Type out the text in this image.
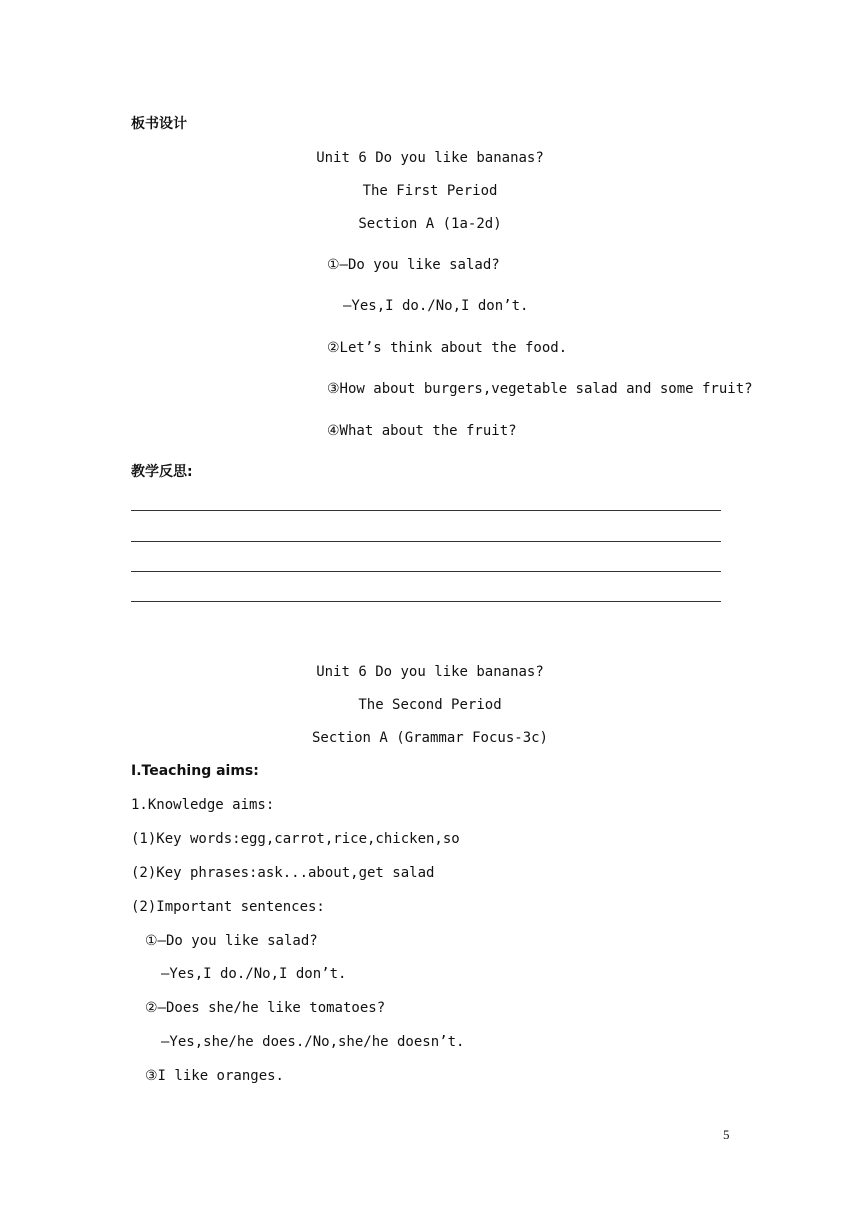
板书设计
Unit 6 Do you like bananas?
The First Period
Section A (1a-2d)
①—Do you like salad?
—Yes,I do./No,I don’t.
②Let’s think about the food.
③How about burgers,vegetable salad and some fruit?
④What about the fruit?
教学反思:
Unit 6 Do you like bananas?
The Second Period
Section A (Grammar Focus-3c)
Ⅰ.Teaching aims:
1.Knowledge aims:
(1)Key words:egg,carrot,rice,chicken,so
(2)Key phrases:ask...about,get salad
(2)Important sentences:
①—Do you like salad?
—Yes,I do./No,I don’t.
②—Does she/he like tomatoes?
—Yes,she/he does./No,she/he doesn’t.
③I like oranges.
5
